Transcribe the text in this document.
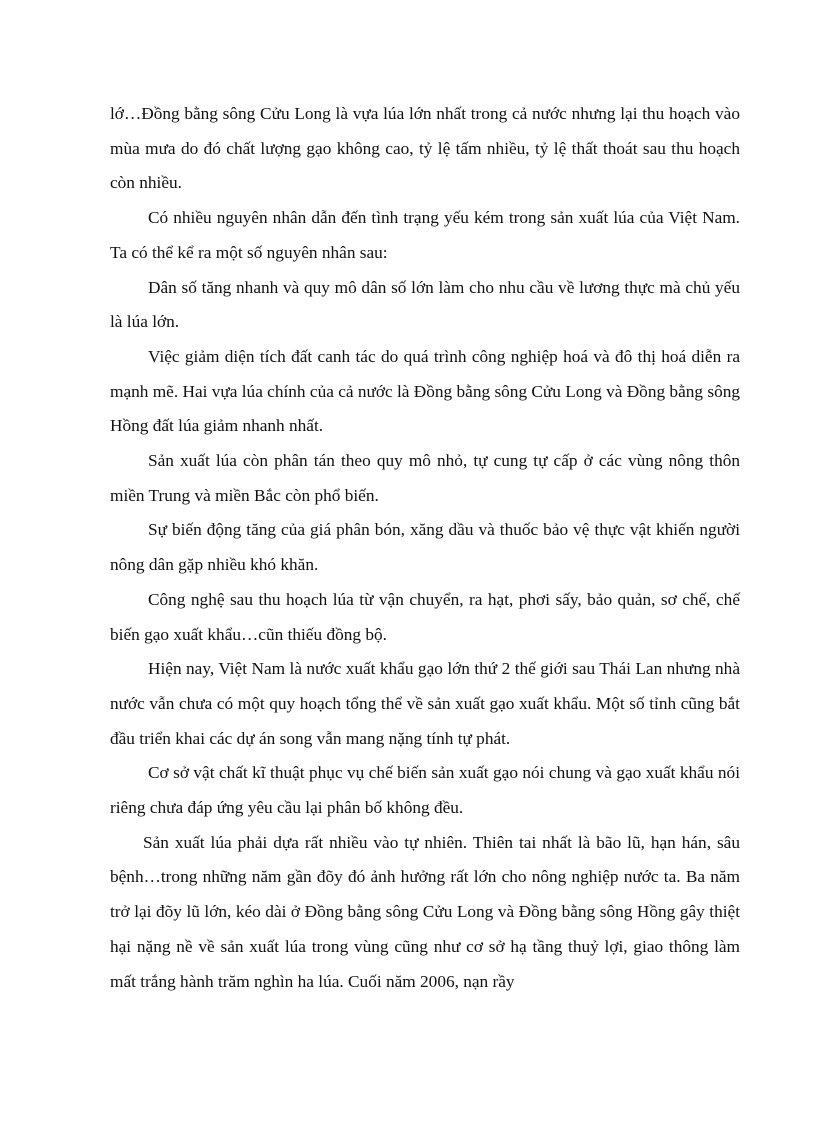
lớ…Đồng bằng sông Cửu Long là vựa lúa lớn nhất trong cả nước nhưng lại thu hoạch vào mùa mưa do đó chất lượng gạo không cao, tỷ lệ tấm nhiều, tỷ lệ thất thoát sau thu hoạch còn nhiều.

Có nhiều nguyên nhân dẫn đến tình trạng yếu kém trong sản xuất lúa của Việt Nam. Ta có thể kể ra một số nguyên nhân sau:

Dân số tăng nhanh và quy mô dân số lớn làm cho nhu cầu về lương thực mà chủ yếu là lúa lớn.

Việc giảm diện tích đất canh tác do quá trình công nghiệp hoá và đô thị hoá diễn ra mạnh mẽ. Hai vựa lúa chính của cả nước là Đồng bằng sông Cửu Long và Đồng bằng sông Hồng đất lúa giảm nhanh nhất.

Sản xuất lúa còn phân tán theo quy mô nhỏ, tự cung tự cấp ở các vùng nông thôn miền Trung và miền Bắc còn phổ biến.

Sự biến động tăng của giá phân bón, xăng dầu và thuốc bảo vệ thực vật khiến người nông dân gặp nhiều khó khăn.

Công nghệ sau thu hoạch lúa từ vận chuyển, ra hạt, phơi sấy, bảo quản, sơ chế, chế biến gạo xuất khẩu…cũn thiếu đồng bộ.

Hiện nay, Việt Nam là nước xuất khẩu gạo lớn thứ 2 thế giới sau Thái Lan nhưng nhà nước vẫn chưa có một quy hoạch tổng thể về sản xuất gạo xuất khẩu. Một số tỉnh cũng bắt đầu triển khai các dự án song vẫn mang nặng tính tự phát.

Cơ sở vật chất kĩ thuật phục vụ chế biến sản xuất gạo nói chung và gạo xuất khẩu nói riêng chưa đáp ứng yêu cầu lại phân bố không đều.

Sản xuất lúa phải dựa rất nhiều vào tự nhiên. Thiên tai nhất là bão lũ, hạn hán, sâu bệnh…trong những năm gần đõy đó ảnh hưởng rất lớn cho nông nghiệp nước ta. Ba năm trở lại đõy lũ lớn, kéo dài ở Đồng bằng sông Cửu Long và Đồng bằng sông Hồng gây thiệt hại nặng nề về sản xuất lúa trong vùng cũng như cơ sở hạ tầng thuỷ lợi, giao thông làm mất trắng hành trăm nghìn ha lúa. Cuối năm 2006, nạn rầy
